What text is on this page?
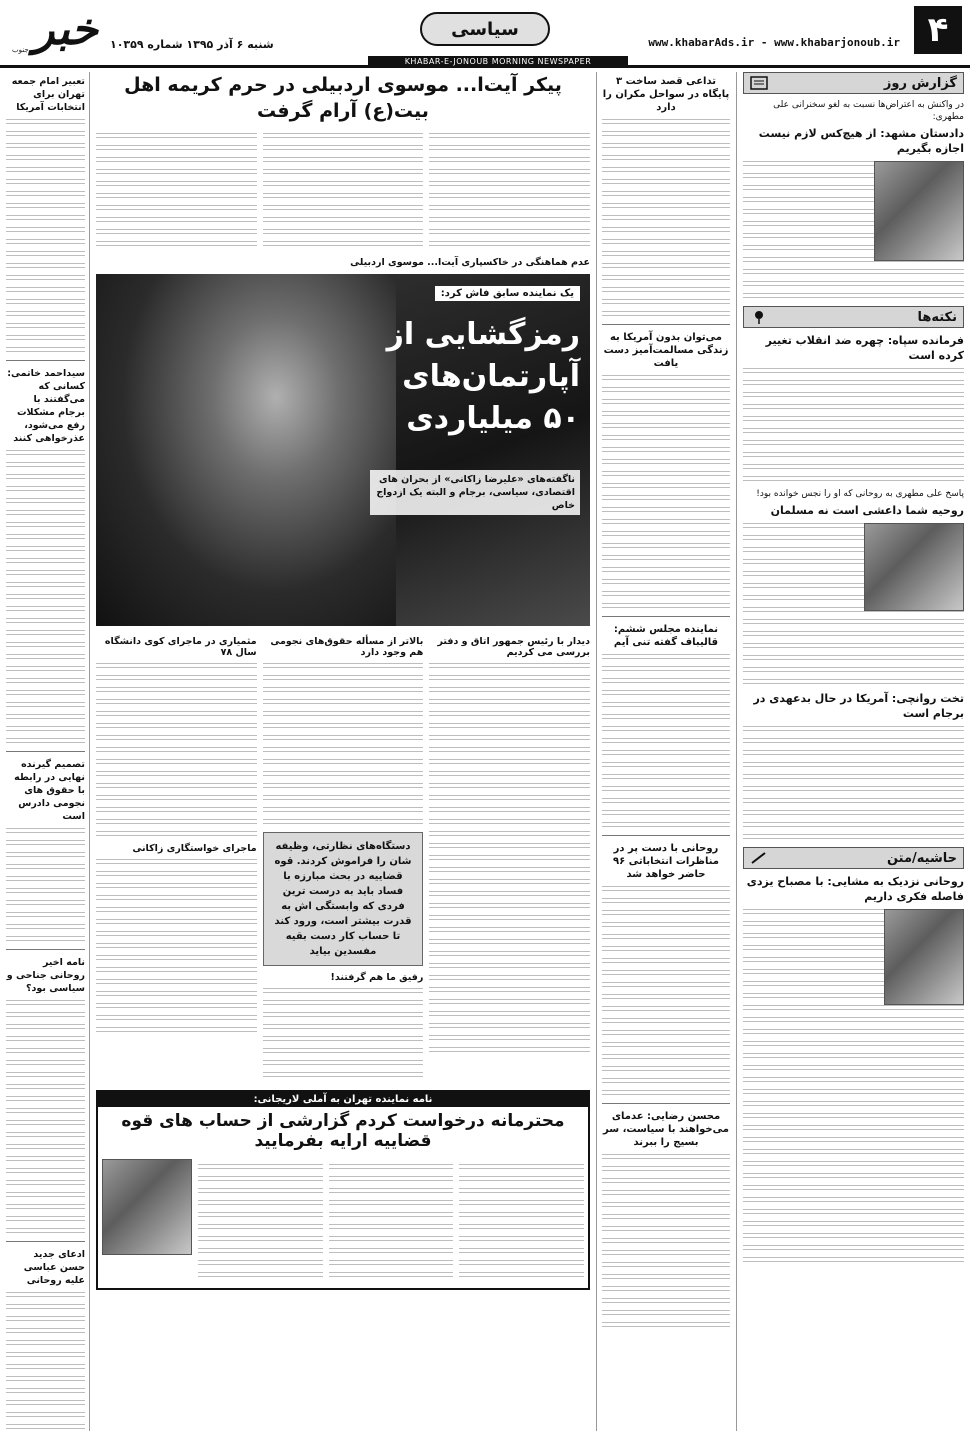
۴
www.khabarAds.ir - www.khabarjonoub.ir
سیاسی
شنبه ۶ آذر ۱۳۹۵ شماره ۱۰۳۵۹
خبر
جنوب
KHABAR-E-JONOUB MORNING NEWSPAPER
گزارش روز
در واکنش به اعتراض‌ها نسبت به لغو سخنرانی علی مطهری:
دادستان مشهد: از هیچ‌کس لازم نیست اجازه بگیریم
نکته‌ها
فرمانده سپاه: چهره ضد انقلاب تغییر کرده است
پاسخ علی مطهری به روحانی که او را نجس خوانده بود!
روحیه شما داعشی است نه مسلمان
تخت روانچی: آمریکا در حال بدعهدی در برجام است
حاشیه/متن
روحانی نزدیک به مشایی: با مصباح یزدی فاصله فکری داریم
تداعی قصد ساخت ۳ پایگاه در سواحل مکران را دارد
می‌توان بدون آمریکا به زندگی مسالمت‌آمیز دست یافت
نماینده مجلس ششم: قالیباف گفته تنی آیم
روحانی با دست پر در مناظرات انتخاباتی ۹۶ حاضر خواهد شد
محسن رضایی: عدمای می‌خواهند با سیاست، سر بسیج را ببرند
پیکر آیت‌ا... موسوی اردبیلی در حرم کریمه اهل بیت(ع) آرام گرفت
عدم هماهنگی در خاکسپاری آیت‌ا... موسوی اردبیلی
یک نماینده سابق فاش کرد:
رمزگشایی از آپارتمان‌های ۵۰ میلیاردی
ناگفته‌های «علیرضا زاکانی» از بحران های اقتصادی، سیاسی، برجام و البته یک ازدواج خاص
دیدار با رئیس جمهور اتاق و دفتر بررسی می کردیم
بالاتر از مسأله حقوق‌های نجومی هم وجود دارد
دستگاه‌های نظارتی، وظیفه شان را فراموش کردند. قوه قضاییه در بحث مبارزه با فساد باید به درست ترین فردی که وابستگی اش به قدرت بیشتر است، ورود کند تا حساب کار دست بقیه مفسدین بیاید
رفیق ما هم گرفتند!
مثمیاری در ماجرای کوی دانشگاه سال ۷۸
ماجرای خواستگاری زاکانی
نامه نماینده تهران به آملی لاریجانی:
محترمانه درخواست کردم گزارشی از حساب های قوه قضاییه ارایه بفرمایید
تعبیر امام جمعه تهران برای انتخابات آمریکا
سیداحمد خاتمی: کسانی که می‌گفتند با برجام مشکلات رفع می‌شود، عذرخواهی کنند
تصمیم گیرنده نهایی در رابطه با حقوق های نجومی دادرس است
نامه اخیر روحانی جناحی و سیاسی بود؟
ادعای جدید حسن عباسی علیه روحانی
